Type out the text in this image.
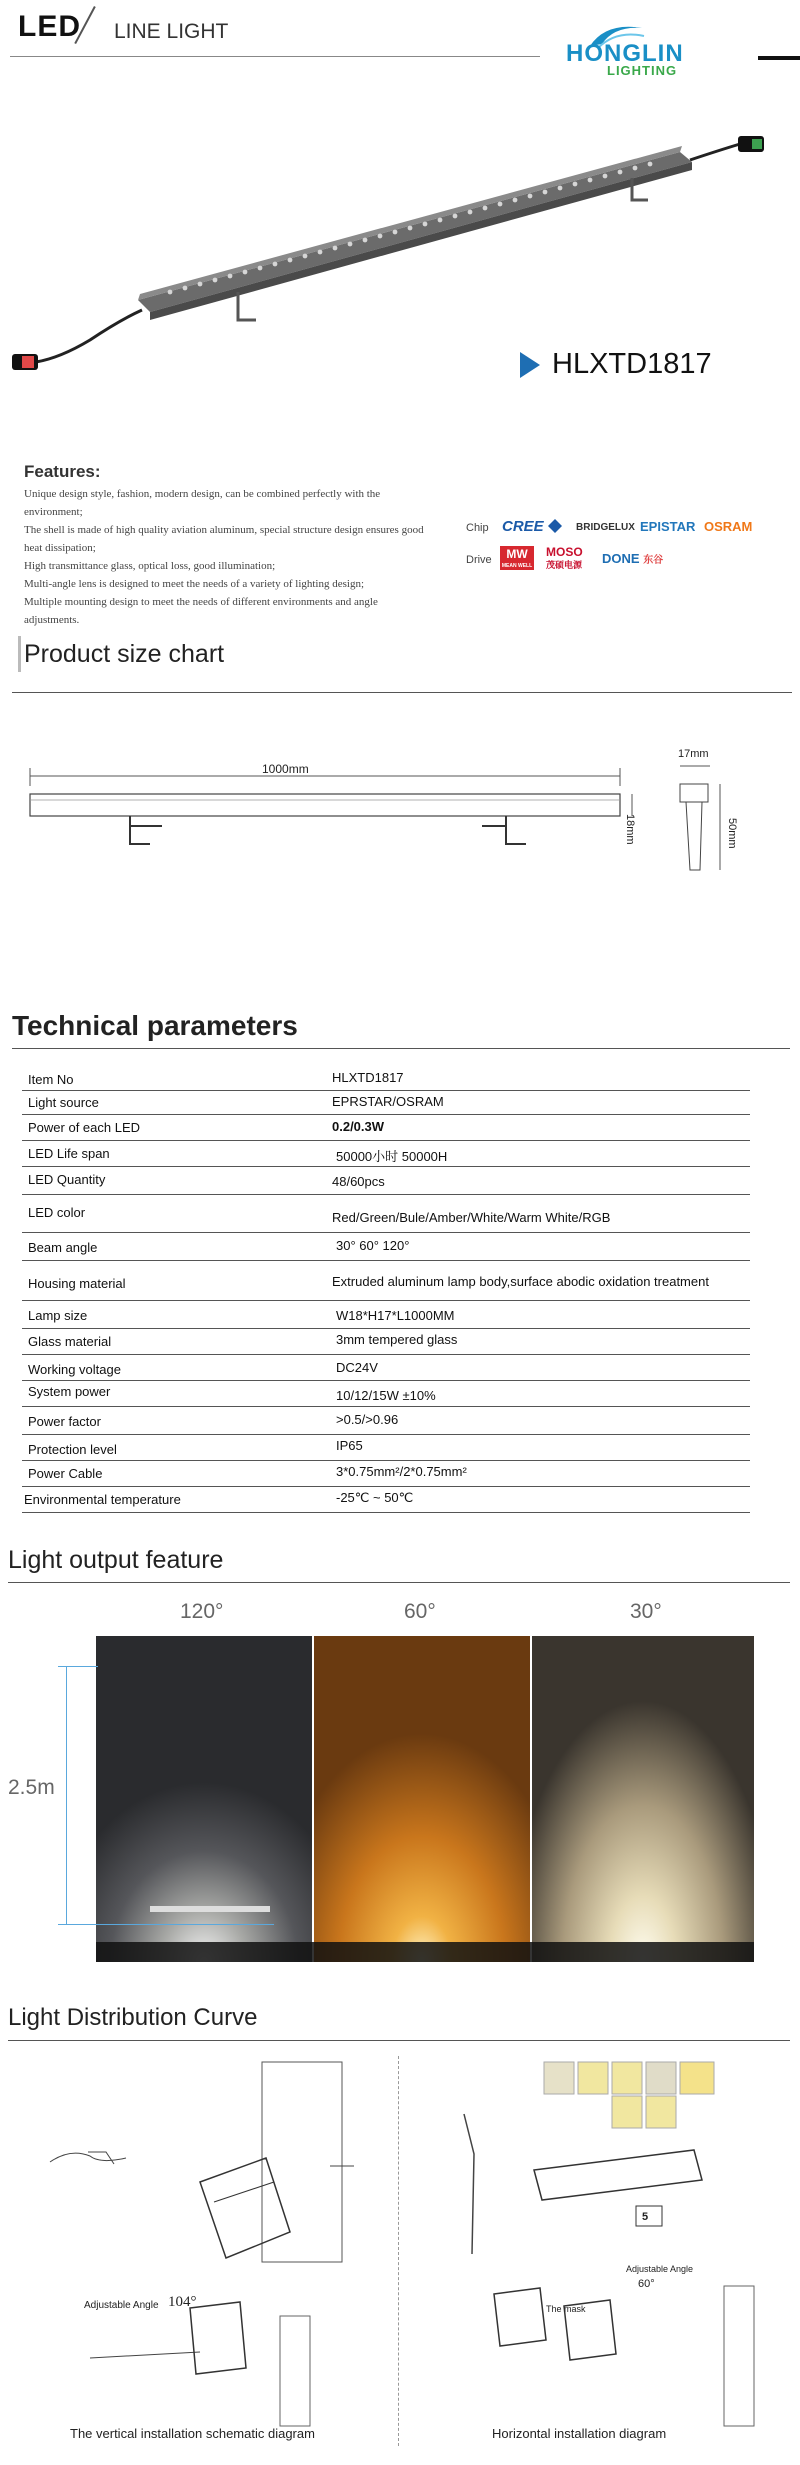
LED LINE LIGHT
HONGLIN
LIGHTING
HLXTD1817
Features:
Unique design style, fashion, modern design, can be combined perfectly with the environment;
The shell is made of high quality aviation aluminum, special structure design ensures good heat dissipation;
High transmittance glass, optical loss, good illumination;
Multi-angle lens is designed to meet the needs of a variety of lighting design;
Multiple mounting design to meet the needs of different environments and angle adjustments.
Chip CREE	BRIDGELUX EPISTAR OSRAM
Drive	MW
MEAN WELL
MOSO
茂硕电源 DONE 东谷
Product size chart
1000mm
18mm
17mm
50mm
Technical parameters
Item No	HLXTD1817
Light source	EPRSTAR/OSRAM
Power of each LED	0.2/0.3W
LED Life span	50000小时 50000H
LED Quantity	48/60pcs
LED color	Red/Green/Bule/Amber/White/Warm White/RGB
Beam angle	30° 60° 120°
Housing material	Extruded aluminum lamp body,surface abodic oxidation treatment
Lamp size	W18*H17*L1000MM
Glass material	3mm tempered glass
Working voltage	DC24V
System power	10/12/15W ±10%
Power factor	>0.5/>0.96
Protection level	IP65
Power Cable	3*0.75mm²/2*0.75mm²
Environmental temperature	-25℃ ~ 50℃
Light output feature
120°	60°	30°
2.5m
Light Distribution Curve
Adjustable Angle 104°
The vertical installation schematic diagram
5
Adjustable Angle
60°
The mask
Horizontal installation diagram
